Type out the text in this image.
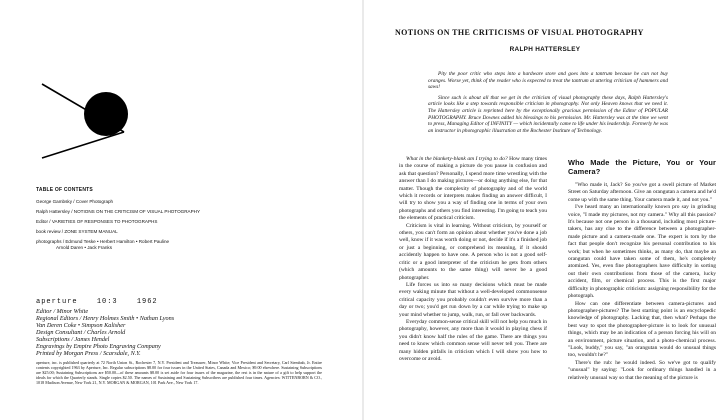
TABLE OF CONTENTS
George Gambsky / Cover Photograph
Ralph Hattersley / NOTIONS ON THE CRITICISM OF VISUAL PHOTOGRAPHY
Editor / VARIETIES OF RESPONSES TO PHOTOGRAPHS
book review / ZONE SYSTEM MANUAL
photographs / Edmund Teske • Herbert Hamilton • Robert Pauline
Arnold Daren • Jack Franks
aperture	10:3	1962
Editor / Minor White
Regional Editors / Henry Holmes Smith • Nathan Lyons
Van Deren Coke • Simpson Kalisher
Design Consultant / Charles Arnold
Subscriptions / James Hendel
Engravings by Empire Photo Engraving Company
Printed by Morgan Press / Scarsdale, N.Y.
aperture, inc. is published quarterly at 72 North Union St., Rochester 7, N.Y. President and Treasurer, Minor White; Vice President and Secretary, Carl Siembab, Jr. Entire contents copyrighted 1963 by Aperture, Inc. Regular subscriptions $8.00 for four issues in the United States, Canada and Mexico; $9.00 elsewhere. Sustaining Subscriptions are $25.00; Sustaining Subscriptions are $50.00—of these amounts $8.00 is set aside for four issues of the magazine, the rest is in the nature of a gift to help support the ideals for which the Quarterly stands. Single copies $2.50. The names of Sustaining and Sustaining Subscribers are published four times. Agencies: WITTENBORN & CO., 1018 Madison Avenue, New York 21, N.Y. MORGAN & MORGAN, 101 Park Ave., New York 17.
NOTIONS ON THE CRITICISMS OF VISUAL PHOTOGRAPHY
RALPH HATTERSLEY

Pity the poor critic who steps into a hardware store and goes into a tantrum because he can not buy oranges. Worse yet, think of the reader who is expected to treat the tantrum at uttering criticism of hammers and saws!

Since such is about all that we get in the criticism of visual photography these days, Ralph Hattersley's article looks like a step towards responsible criticism in photography. Not only Heaven knows that we need it. The Hattersley article is reprinted here by the exceptionally gracious permission of the Editor of POPULAR PHOTOGRAPHY. Bruce Downes added his blessings to his permission. Mr. Hattersley was at the time we went to press, Managing Editor of INFINITY — which incidentally came to life under his leadership. Formerly he was an instructor in photographic illustration at the Rochester Institute of Technology.

What in the blankety-blank am I trying to do? How many times in the course of making a picture do you pause in confusion and ask that question? Personally, I spend more time wrestling with the answer than I do making pictures—or doing anything else, for that matter. Though the complexity of photography and of the world which it records or interprets makes finding an answer difficult, I will try to show you a way of finding one in terms of your own photographs and others you find interesting. I'm going to teach you the elements of practical criticism.

Criticism is vital in learning. Without criticism, by yourself or others, you can't form an opinion about whether you've done a job well, know if it was worth doing or not, decide if it's a finished job or just a beginning, or comprehend its meaning, if it should accidently happen to have one. A person who is not a good self-critic or a good interpreter of the criticism he gets from others (which amounts to the same thing) will never be a good photographer.

Life forces us into so many decisions which must be made every waking minute that without a well-developed commonsense critical capacity you probably couldn't even survive more than a day or two; you'd get run down by a car while trying to make up your mind whether to jump, walk, run, or fall over backwards.

Everyday common-sense critical skill will not help you much in photography, however, any more than it would in playing chess if you didn't know half the rules of the game. There are things you need to know which common sense will never tell you. There are many hidden pitfalls in criticism which I will show you how to overcome or avoid.

Who Made the Picture, You or Your Camera?

"Who made it, Jack? So you've got a swell picture of Market Street on Saturday afternoon. Give an orangutan a camera and he'd come up with the same thing. Your camera made it, and not you."

I've heard many an internationally known pro say in grinding voice, "I made my pictures, not my camera." Why all this passion? It's because not one person in a thousand, including most picture-takers, has any clue to the difference between a photographer-made picture and a camera-made one. The expert is torn by the fact that people don't recognize his personal contribution to his work; but when he sometimes thinks, as many do, that maybe an orangutan could have taken some of them, he's completely atomized. Yes, even fine photographers have difficulty in sorting out their own contributions from those of the camera, lucky accident, film, or chemical process. This is the first major difficulty in photographic criticism: assigning responsibility for the photograph.

How can one differentiate between camera-pictures and photographer-pictures? The best starting point is an encyclopedic knowledge of photography. Lacking that, then what? Perhaps the best way to spot the photographer-picture is to look for unusual things, which may be an indication of a person forcing his will on an environment, picture situation, and a photo-chemical process. "Look, buddy," you say, "an orangutan would do unusual things too, wouldn't he?"

There's the rub: he would indeed. So we've got to qualify "unusual" by saying: "Look for ordinary things handled in a relatively unusual way so that the meaning of the picture is
